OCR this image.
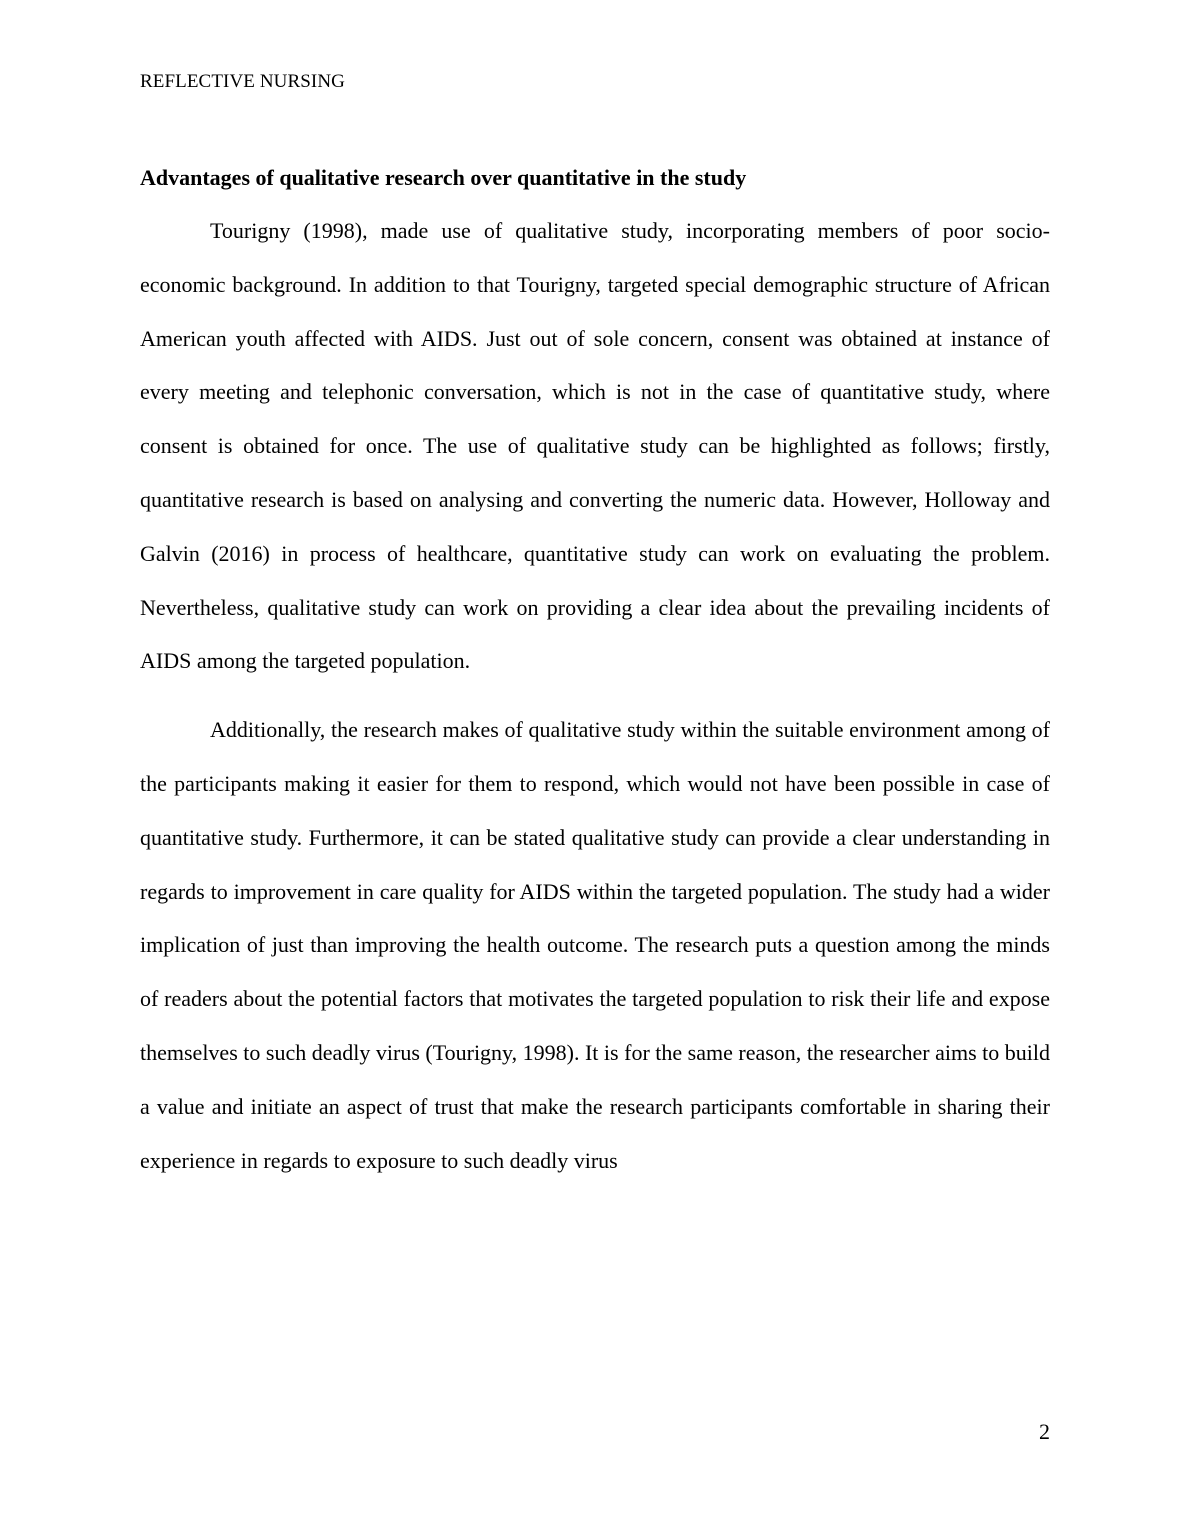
REFLECTIVE NURSING
Advantages of qualitative research over quantitative in the study

Tourigny (1998), made use of qualitative study, incorporating members of poor socio-economic background. In addition to that Tourigny, targeted special demographic structure of African American youth affected with AIDS. Just out of sole concern, consent was obtained at instance of every meeting and telephonic conversation, which is not in the case of quantitative study, where consent is obtained for once. The use of qualitative study can be highlighted as follows; firstly, quantitative research is based on analysing and converting the numeric data. However, Holloway and Galvin (2016) in process of healthcare, quantitative study can work on evaluating the problem. Nevertheless, qualitative study can work on providing a clear idea about the prevailing incidents of AIDS among the targeted population.

Additionally, the research makes of qualitative study within the suitable environment among of the participants making it easier for them to respond, which would not have been possible in case of quantitative study. Furthermore, it can be stated qualitative study can provide a clear understanding in regards to improvement in care quality for AIDS within the targeted population. The study had a wider implication of just than improving the health outcome. The research puts a question among the minds of readers about the potential factors that motivates the targeted population to risk their life and expose themselves to such deadly virus (Tourigny, 1998). It is for the same reason, the researcher aims to build a value and initiate an aspect of trust that make the research participants comfortable in sharing their experience in regards to exposure to such deadly virus

2
